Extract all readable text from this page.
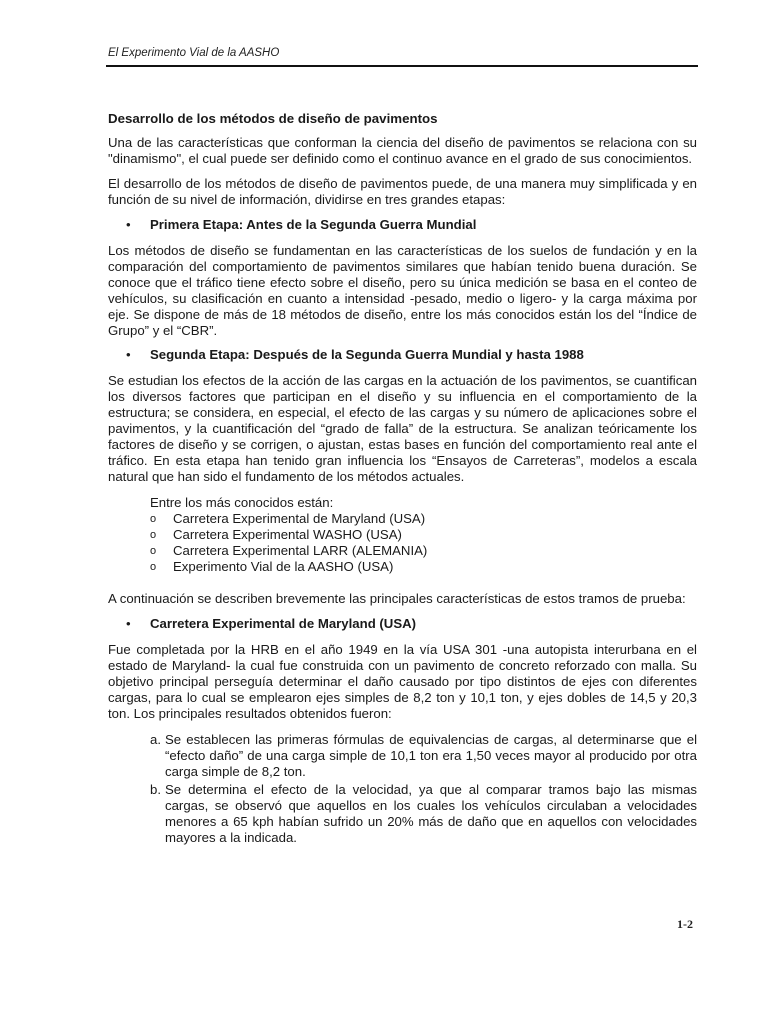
El Experimento Vial de la AASHO
Desarrollo de los métodos de diseño de pavimentos

Una de las características que conforman la ciencia del diseño de pavimentos se relaciona con su "dinamismo", el cual puede ser definido como el continuo avance en el grado de sus conocimientos.

El desarrollo de los métodos de diseño de pavimentos puede, de una manera muy simplificada y en función de su nivel de información, dividirse en tres grandes etapas:

• Primera Etapa: Antes de la Segunda Guerra Mundial

Los métodos de diseño se fundamentan en las características de los suelos de fundación y en la comparación del comportamiento de pavimentos similares que habían tenido buena duración. Se conoce que el tráfico tiene efecto sobre el diseño, pero su única medición se basa en el conteo de vehículos, su clasificación en cuanto a intensidad -pesado, medio o ligero- y la carga máxima por eje. Se dispone de más de 18 métodos de diseño, entre los más conocidos están los del “Índice de Grupo” y el “CBR”.

• Segunda Etapa: Después de la Segunda Guerra Mundial y hasta 1988

Se estudian los efectos de la acción de las cargas en la actuación de los pavimentos, se cuantifican los diversos factores que participan en el diseño y su influencia en el comportamiento de la estructura; se considera, en especial, el efecto de las cargas y su número de aplicaciones sobre el pavimentos, y la cuantificación del “grado de falla” de la estructura. Se analizan teóricamente los factores de diseño y se corrigen, o ajustan, estas bases en función del comportamiento real ante el tráfico. En esta etapa han tenido gran influencia los “Ensayos de Carreteras”, modelos a escala natural que han sido el fundamento de los métodos actuales.

Entre los más conocidos están:
o Carretera Experimental de Maryland (USA)
o Carretera Experimental WASHO (USA)
o Carretera Experimental LARR (ALEMANIA)
o Experimento Vial de la AASHO (USA)

A continuación se describen brevemente las principales características de estos tramos de prueba:

• Carretera Experimental de Maryland (USA)

Fue completada por la HRB en el año 1949 en la vía USA 301 -una autopista interurbana en el estado de Maryland- la cual fue construida con un pavimento de concreto reforzado con malla. Su objetivo principal perseguía determinar el daño causado por tipo distintos de ejes con diferentes cargas, para lo cual se emplearon ejes simples de 8,2 ton y 10,1 ton, y ejes dobles de 14,5 y 20,3 ton. Los principales resultados obtenidos fueron:

a. Se establecen las primeras fórmulas de equivalencias de cargas, al determinarse que el “efecto daño” de una carga simple de 10,1 ton era 1,50 veces mayor al producido por otra carga simple de 8,2 ton.
b. Se determina el efecto de la velocidad, ya que al comparar tramos bajo las mismas cargas, se observó que aquellos en los cuales los vehículos circulaban a velocidades menores a 65 kph habían sufrido un 20% más de daño que en aquellos con velocidades mayores a la indicada.
1-2
